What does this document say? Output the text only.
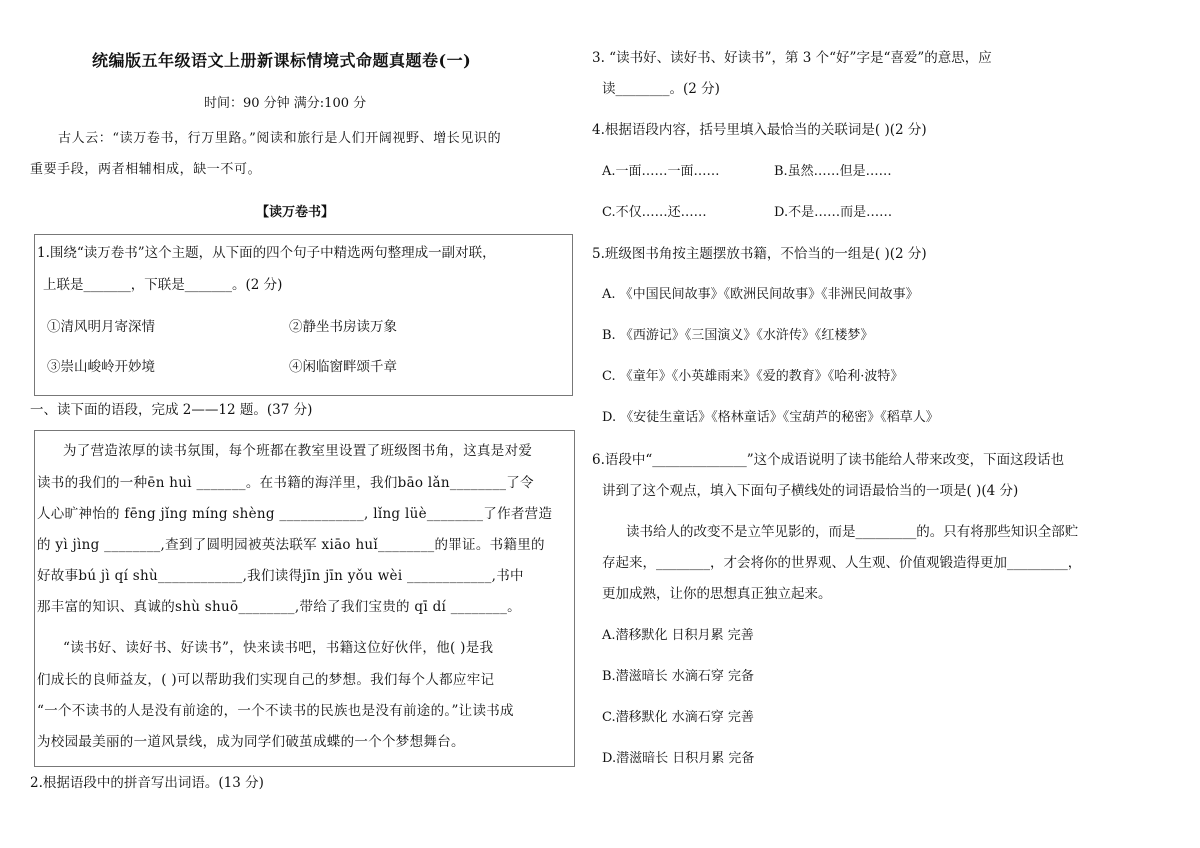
统编版五年级语文上册新课标情境式命题真题卷(一)
时间：90 分钟 满分:100 分
古人云：“读万卷书，行万里路。”阅读和旅行是人们开阔视野、增长见识的
重要手段，两者相辅相成，缺一不可。
【读万卷书】
1.围绕“读万卷书”这个主题，从下面的四个句子中精选两句整理成一副对联，
上联是_______，下联是_______。(2 分)
①清风明月寄深情	②静坐书房读万象
③崇山峻岭开妙境	④闲临窗畔颂千章
一、读下面的语段，完成 2——12 题。(37 分)
为了营造浓厚的读书氛围，每个班都在教室里设置了班级图书角，这真是对爱
读书的我们的一种ēn huì _______。在书籍的海洋里，我们bāo lǎn________了令
人心旷神怡的 fēng jǐng míng shèng ____________, lǐng lüè________了作者营造
的 yì jìng ________,查到了圆明园被英法联军 xiāo huǐ________的罪证。书籍里的
好故事bú jì qí shù____________,我们读得jīn jīn yǒu wèi ____________,书中
那丰富的知识、真诚的shù shuō________,带给了我们宝贵的 qī dí ________。
“读书好、读好书、好读书”，快来读书吧，书籍这位好伙伴，他( )是我
们成长的良师益友，( )可以帮助我们实现自己的梦想。我们每个人都应牢记
“一个不读书的人是没有前途的，一个不读书的民族也是没有前途的。”让读书成
为校园最美丽的一道风景线，成为同学们破茧成蝶的一个个梦想舞台。
2.根据语段中的拼音写出词语。(13 分)
3. “读书好、读好书、好读书”，第 3 个“好”字是“喜爱”的意思，应
读________。(2 分)
4.根据语段内容，括号里填入最恰当的关联词是( )(2 分)
A.一面……一面……	B.虽然……但是……
C.不仅……还……	D.不是……而是……
5.班级图书角按主题摆放书籍，不恰当的一组是( )(2 分)
A. 《中国民间故事》《欧洲民间故事》《非洲民间故事》
B. 《西游记》《三国演义》《水浒传》《红楼梦》
C. 《童年》《小英雄雨来》《爱的教育》《哈利·波特》
D. 《安徒生童话》《格林童话》《宝葫芦的秘密》《稻草人》
6.语段中“______________”这个成语说明了读书能给人带来改变，下面这段话也
讲到了这个观点，填入下面句子横线处的词语最恰当的一项是( )(4 分)
读书给人的改变不是立竿见影的，而是_________的。只有将那些知识全部贮
存起来，________，才会将你的世界观、人生观、价值观锻造得更加_________，
更加成熟，让你的思想真正独立起来。
A.潜移默化 日积月累 完善
B.潜滋暗长 水滴石穿 完备
C.潜移默化 水滴石穿 完善
D.潜滋暗长 日积月累 完备
